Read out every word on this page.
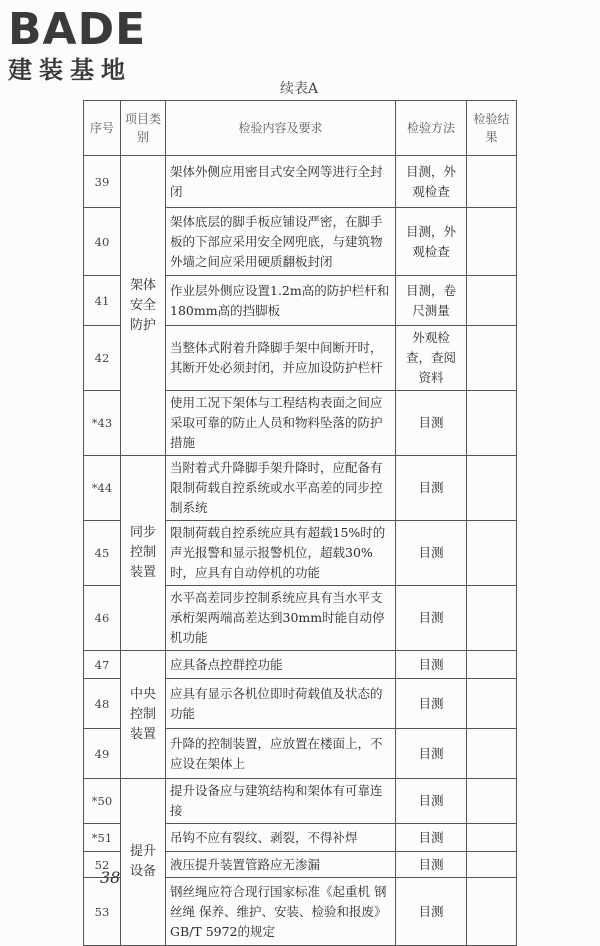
BADE
建装基地
续表A
序号	项目类别	检验内容及要求	检验方法	检验结果
39	架体安全防护	架体外侧应用密目式安全网等进行全封闭	目测，外观检查	
40		架体底层的脚手板应铺设严密，在脚手板的下部应采用安全网兜底，与建筑物外墙之间应采用硬质翻板封闭	目测，外观检查	
41		作业层外侧应设置1.2m高的防护栏杆和180mm高的挡脚板	目测，卷尺测量	
42		当整体式附着升降脚手架中间断开时，其断开处必须封闭，并应加设防护栏杆	外观检查，查阅资料	
*43		使用工况下架体与工程结构表面之间应采取可靠的防止人员和物料坠落的防护措施	目测	
*44	同步控制装置	当附着式升降脚手架升降时，应配备有限制荷载自控系统或水平高差的同步控制系统	目测	
45		限制荷载自控系统应具有超载15%时的声光报警和显示报警机位，超载30%时，应具有自动停机的功能	目测	
46		水平高差同步控制系统应具有当水平支承桁架两端高差达到30mm时能自动停机功能	目测	
47	中央控制装置	应具备点控群控功能	目测	
48		应具有显示各机位即时荷载值及状态的功能	目测	
49		升降的控制装置，应放置在楼面上，不应设在架体上	目测	
*50	提升设备	提升设备应与建筑结构和架体有可靠连接	目测	
*51		吊钩不应有裂纹、剥裂，不得补焊	目测	
52		液压提升装置管路应无渗漏	目测	
53		钢丝绳应符合现行国家标准《起重机 钢丝绳 保养、维护、安装、检验和报废》GB/T 5972的规定	目测	
38
